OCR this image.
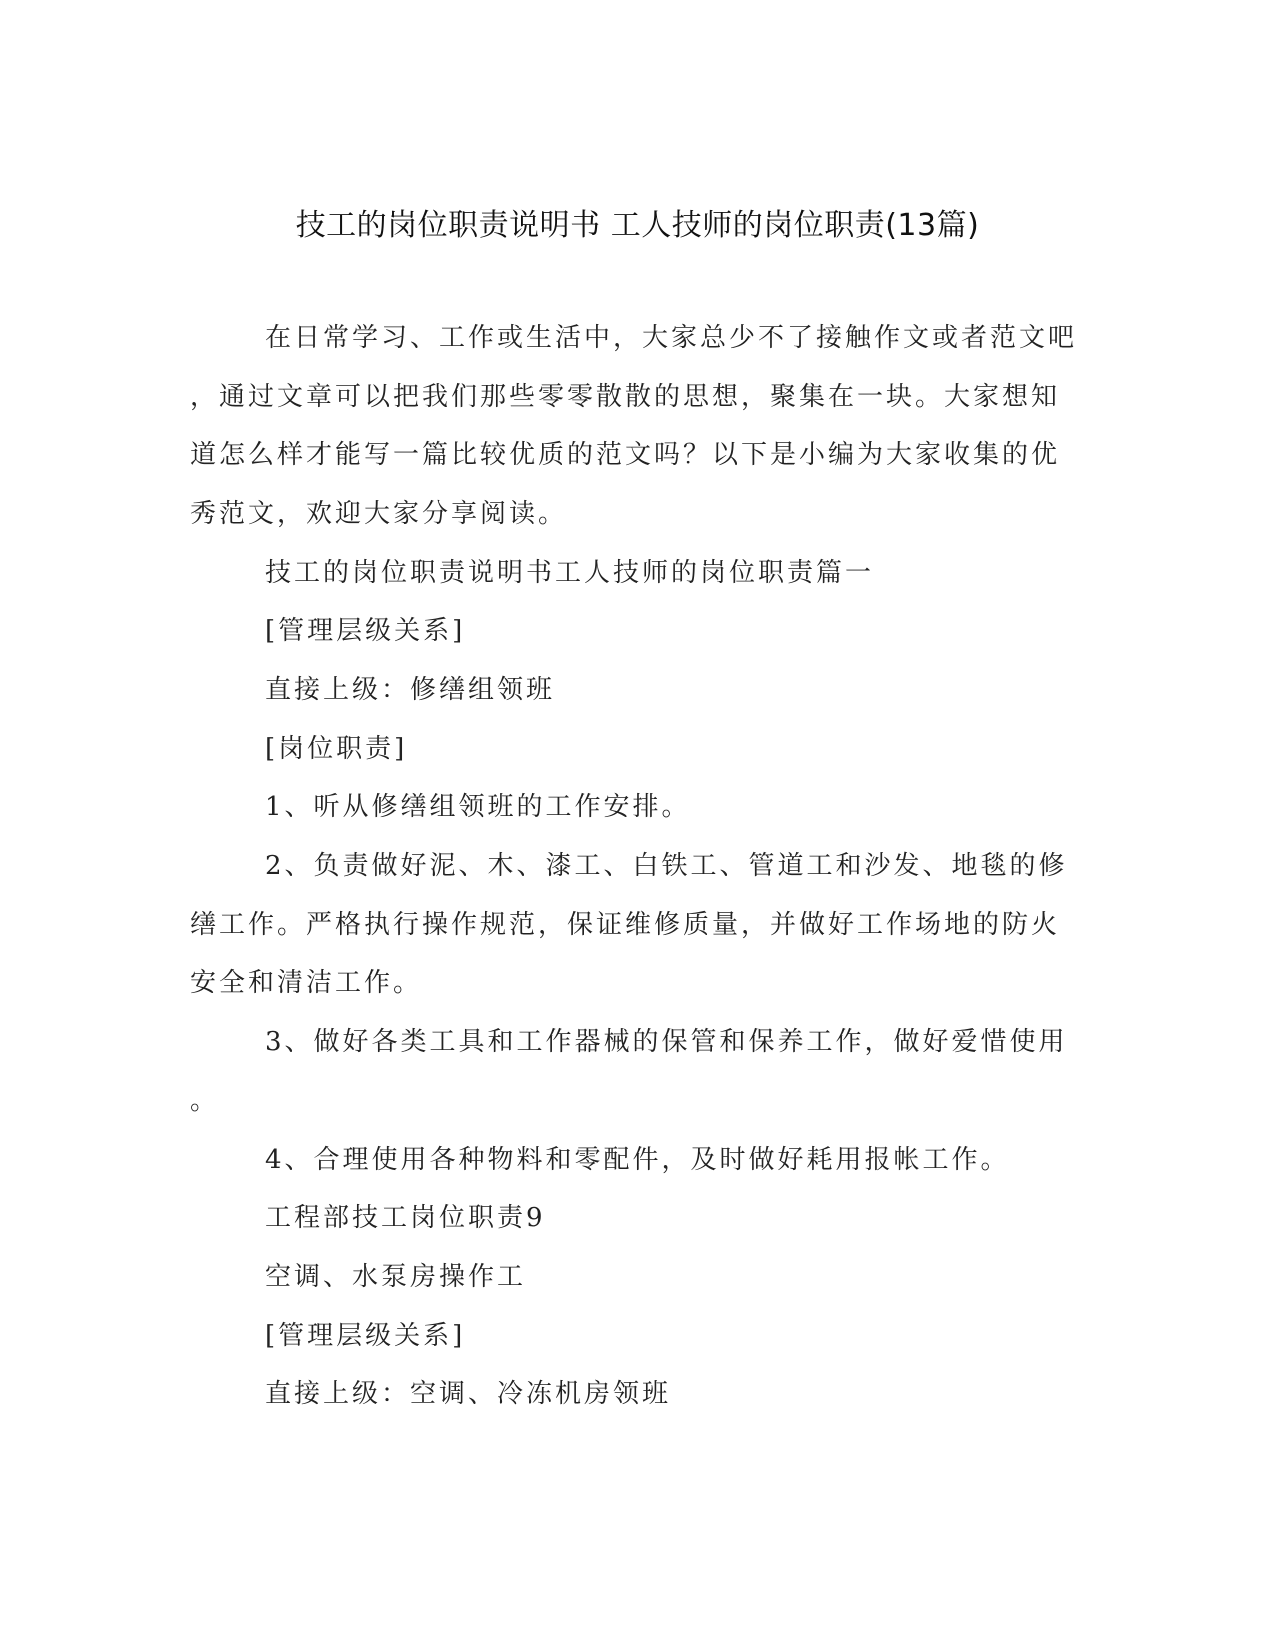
技工的岗位职责说明书 工人技师的岗位职责(13篇)
在日常学习、工作或生活中，大家总少不了接触作文或者范文吧
，通过文章可以把我们那些零零散散的思想，聚集在一块。大家想知
道怎么样才能写一篇比较优质的范文吗？以下是小编为大家收集的优
秀范文，欢迎大家分享阅读。
技工的岗位职责说明书工人技师的岗位职责篇一
[管理层级关系]
直接上级：修缮组领班
[岗位职责]
1、听从修缮组领班的工作安排。
2、负责做好泥、木、漆工、白铁工、管道工和沙发、地毯的修
缮工作。严格执行操作规范，保证维修质量，并做好工作场地的防火
安全和清洁工作。
3、做好各类工具和工作器械的保管和保养工作，做好爱惜使用
。
4、合理使用各种物料和零配件，及时做好耗用报帐工作。
工程部技工岗位职责9
空调、水泵房操作工
[管理层级关系]
直接上级：空调、冷冻机房领班
